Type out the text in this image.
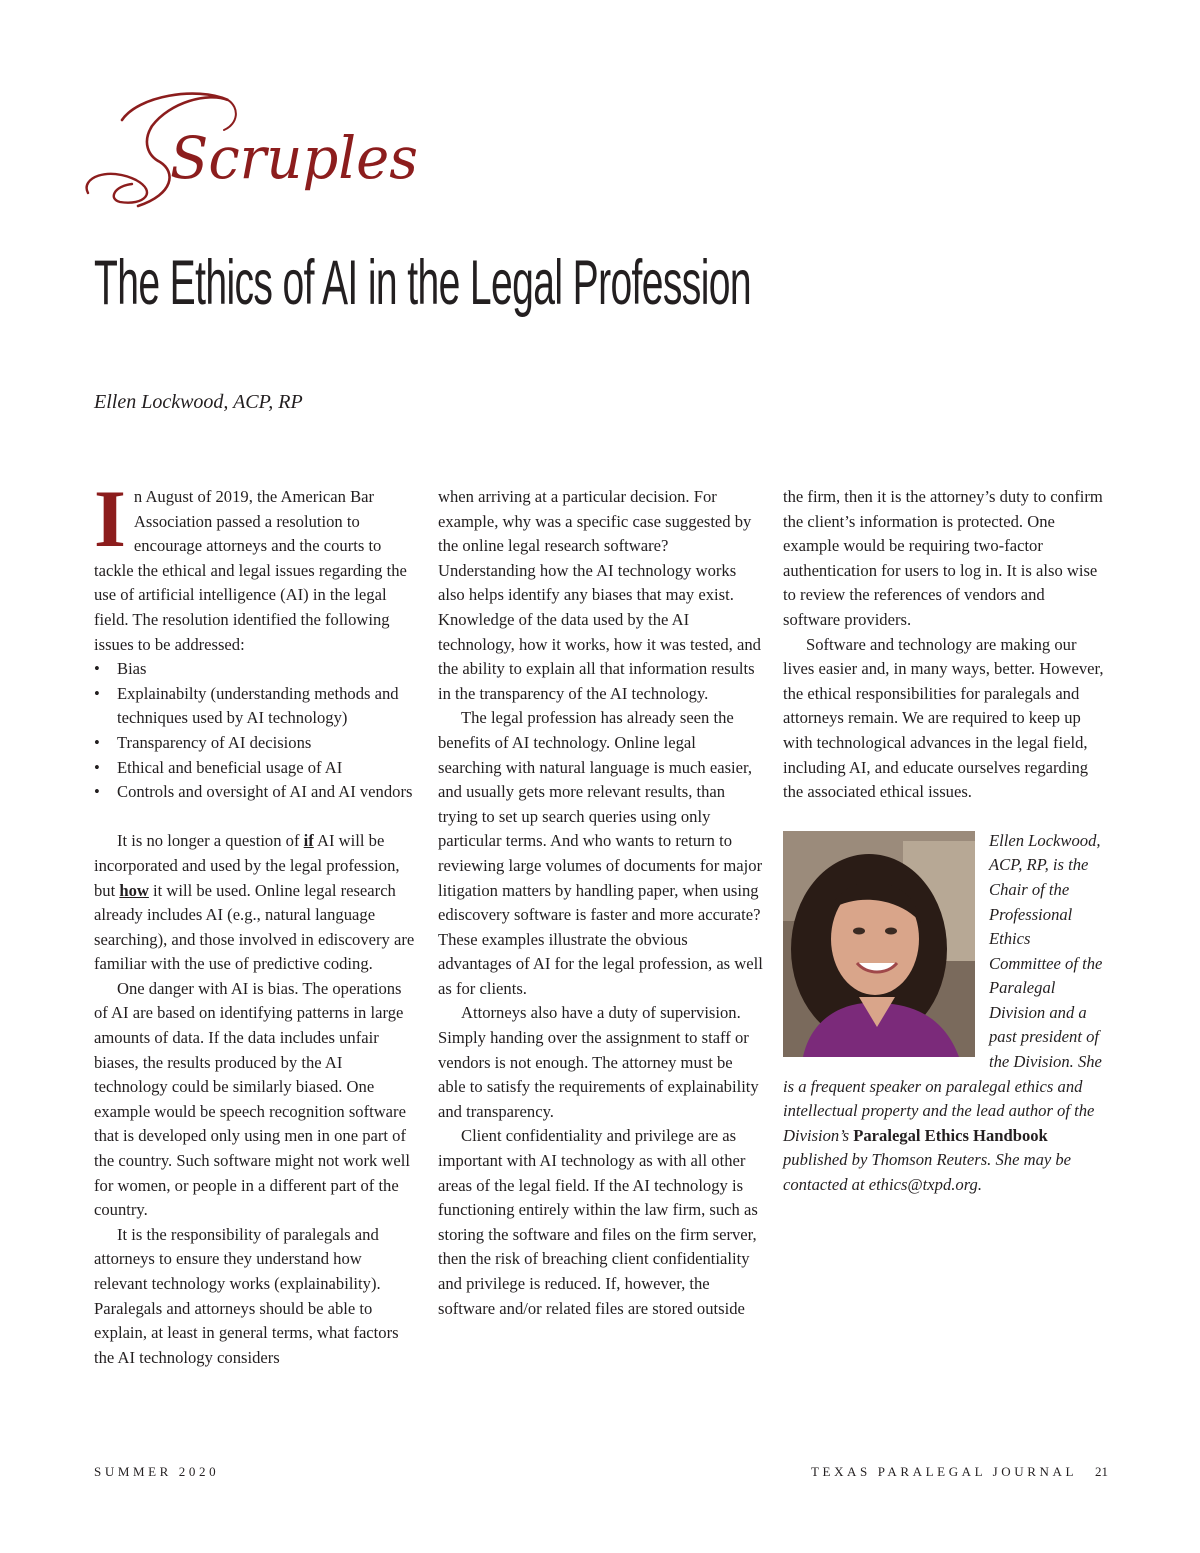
Scruples
The Ethics of AI in the Legal Profession
Ellen Lockwood, ACP, RP

I n August of 2019, the American Bar Association passed a resolution to encourage attorneys and the courts to tackle the ethical and legal issues regarding the use of artificial intelligence (AI) in the legal field. The resolution identified the following issues to be addressed:

• Bias
• Explainabilty (understanding methods and techniques used by AI technology)
• Transparency of AI decisions
• Ethical and beneficial usage of AI
• Controls and oversight of AI and AI vendors

It is no longer a question of if AI will be incorporated and used by the legal profession, but how it will be used. Online legal research already includes AI (e.g., natural language searching), and those involved in ediscovery are familiar with the use of predictive coding.

One danger with AI is bias. The operations of AI are based on identifying patterns in large amounts of data. If the data includes unfair biases, the results produced by the AI technology could be similarly biased. One example would be speech recognition software that is developed only using men in one part of the country. Such software might not work well for women, or people in a different part of the country.

It is the responsibility of paralegals and attorneys to ensure they understand how relevant technology works (explainability). Paralegals and attorneys should be able to explain, at least in general terms, what factors the AI technology considers

when arriving at a particular decision. For example, why was a specific case suggested by the online legal research software? Understanding how the AI technology works also helps identify any biases that may exist. Knowledge of the data used by the AI technology, how it works, how it was tested, and the ability to explain all that information results in the transparency of the AI technology.

The legal profession has already seen the benefits of AI technology. Online legal searching with natural language is much easier, and usually gets more relevant results, than trying to set up search queries using only particular terms. And who wants to return to reviewing large volumes of documents for major litigation matters by handling paper, when using ediscovery software is faster and more accurate? These examples illustrate the obvious advantages of AI for the legal profession, as well as for clients.

Attorneys also have a duty of supervision. Simply handing over the assignment to staff or vendors is not enough. The attorney must be able to satisfy the requirements of explainability and transparency.

Client confidentiality and privilege are as important with AI technology as with all other areas of the legal field. If the AI technology is functioning entirely within the law firm, such as storing the software and files on the firm server, then the risk of breaching client confidentiality and privilege is reduced. If, however, the software and/or related files are stored outside

the firm, then it is the attorney’s duty to confirm the client’s information is protected. One example would be requiring two-factor authentication for users to log in. It is also wise to review the references of vendors and software providers.

Software and technology are making our lives easier and, in many ways, better. However, the ethical responsibilities for paralegals and attorneys remain. We are required to keep up with technological advances in the legal field, including AI, and educate ourselves regarding the associated ethical issues.

Ellen Lockwood, ACP, RP, is the Chair of the Professional Ethics Committee of the Paralegal Division and a past president of the Division. She is a frequent speaker on paralegal ethics and intellectual property and the lead author of the Division’s Paralegal Ethics Handbook published by Thomson Reuters. She may be contacted at ethics@txpd.org.

SUMMER 2020	TEXAS PARALEGAL JOURNAL 21
